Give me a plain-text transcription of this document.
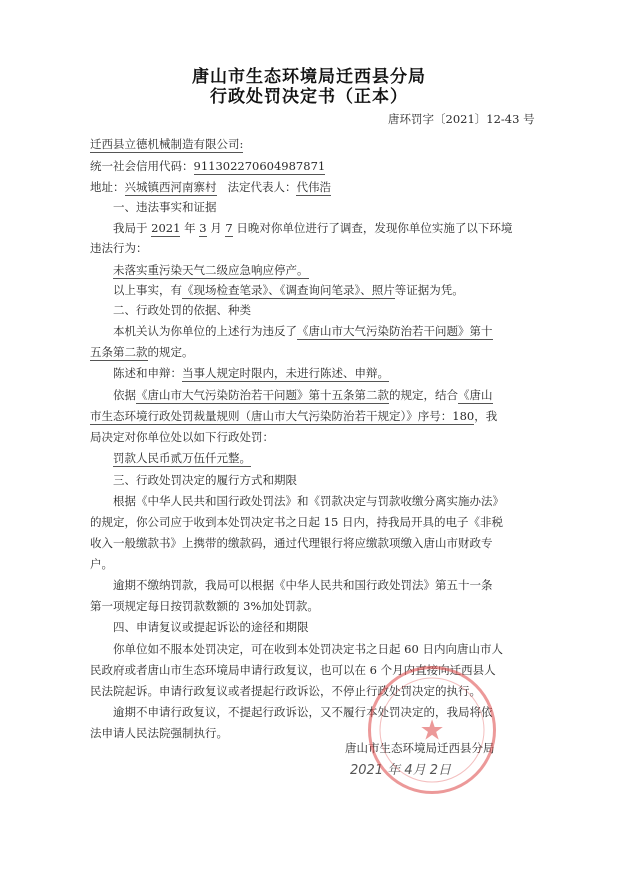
唐山市生态环境局迁西县分局
行政处罚决定书（正本）
唐环罚字〔2021〕12-43 号
迁西县立德机械制造有限公司:
统一社会信用代码：911302270604987871
地址：兴城镇西河南寨村 法定代表人：代伟浩
一、违法事实和证据
我局于 2021 年 3 月 7 日晚对你单位进行了调查，发现你单位实施了以下环境
违法行为：
未落实重污染天气二级应急响应停产。
以上事实，有《现场检查笔录》、《调查询问笔录》、照片等证据为凭。
二、行政处罚的依据、种类
本机关认为你单位的上述行为违反了《唐山市大气污染防治若干问题》第十
五条第二款的规定。
陈述和申辩：当事人规定时限内，未进行陈述、申辩。
依据《唐山市大气污染防治若干问题》第十五条第二款的规定，结合《唐山
市生态环境行政处罚裁量规则（唐山市大气污染防治若干规定）》序号：180，我
局决定对你单位处以如下行政处罚：
罚款人民币贰万伍仟元整。
三、行政处罚决定的履行方式和期限
根据《中华人民共和国行政处罚法》和《罚款决定与罚款收缴分离实施办法》
的规定，你公司应于收到本处罚决定书之日起 15 日内，持我局开具的电子《非税
收入一般缴款书》上携带的缴款码，通过代理银行将应缴款项缴入唐山市财政专
户。
逾期不缴纳罚款，我局可以根据《中华人民共和国行政处罚法》第五十一条
第一项规定每日按罚款数额的 3%加处罚款。
四、申请复议或提起诉讼的途径和期限
你单位如不服本处罚决定，可在收到本处罚决定书之日起 60 日内向唐山市人
民政府或者唐山市生态环境局申请行政复议，也可以在 6 个月内直接向迁西县人
民法院起诉。申请行政复议或者提起行政诉讼，不停止行政处罚决定的执行。
逾期不申请行政复议，不提起行政诉讼，又不履行本处罚决定的，我局将依
法申请人民法院强制执行。
唐山市生态环境局迁西县分局
2021 年 4月 2日
★
